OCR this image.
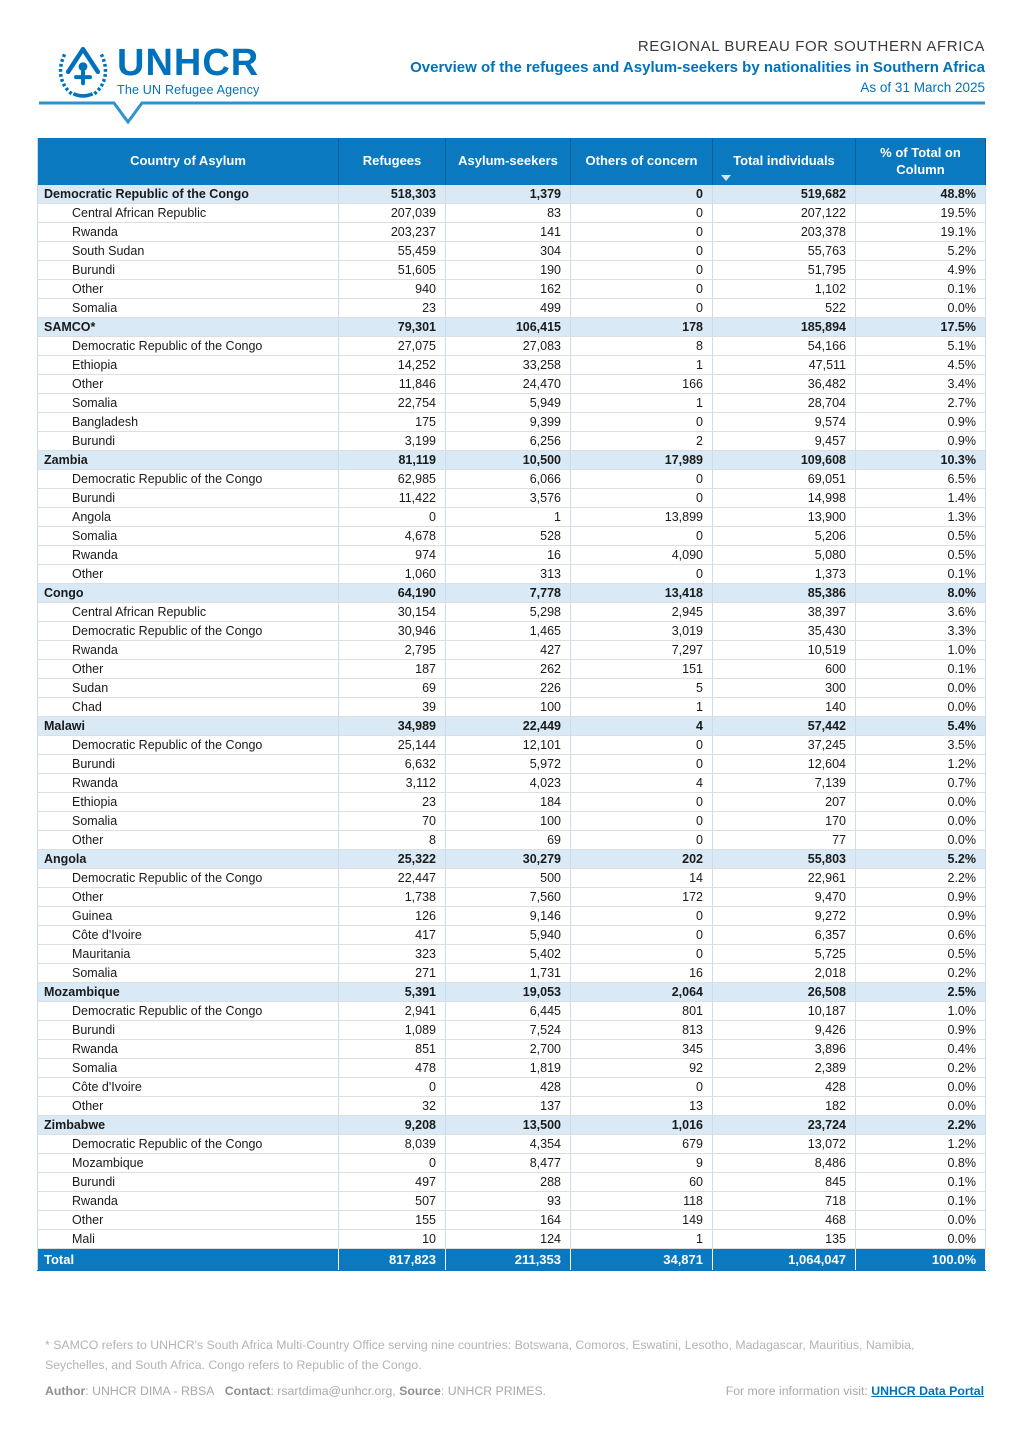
UNHCR
The UN Refugee Agency
REGIONAL BUREAU FOR SOUTHERN AFRICA
Overview of the refugees and Asylum-seekers by nationalities in Southern Africa
As of 31 March 2025
Country of Asylum	Refugees	Asylum-seekers	Others of concern	Total individuals	% of Total on Column
Democratic Republic of the Congo	518,303	1,379	0	519,682	48.8%
Central African Republic	207,039	83	0	207,122	19.5%
Rwanda	203,237	141	0	203,378	19.1%
South Sudan	55,459	304	0	55,763	5.2%
Burundi	51,605	190	0	51,795	4.9%
Other	940	162	0	1,102	0.1%
Somalia	23	499	0	522	0.0%
SAMCO*	79,301	106,415	178	185,894	17.5%
Democratic Republic of the Congo	27,075	27,083	8	54,166	5.1%
Ethiopia	14,252	33,258	1	47,511	4.5%
Other	11,846	24,470	166	36,482	3.4%
Somalia	22,754	5,949	1	28,704	2.7%
Bangladesh	175	9,399	0	9,574	0.9%
Burundi	3,199	6,256	2	9,457	0.9%
Zambia	81,119	10,500	17,989	109,608	10.3%
Democratic Republic of the Congo	62,985	6,066	0	69,051	6.5%
Burundi	11,422	3,576	0	14,998	1.4%
Angola	0	1	13,899	13,900	1.3%
Somalia	4,678	528	0	5,206	0.5%
Rwanda	974	16	4,090	5,080	0.5%
Other	1,060	313	0	1,373	0.1%
Congo	64,190	7,778	13,418	85,386	8.0%
Central African Republic	30,154	5,298	2,945	38,397	3.6%
Democratic Republic of the Congo	30,946	1,465	3,019	35,430	3.3%
Rwanda	2,795	427	7,297	10,519	1.0%
Other	187	262	151	600	0.1%
Sudan	69	226	5	300	0.0%
Chad	39	100	1	140	0.0%
Malawi	34,989	22,449	4	57,442	5.4%
Democratic Republic of the Congo	25,144	12,101	0	37,245	3.5%
Burundi	6,632	5,972	0	12,604	1.2%
Rwanda	3,112	4,023	4	7,139	0.7%
Ethiopia	23	184	0	207	0.0%
Somalia	70	100	0	170	0.0%
Other	8	69	0	77	0.0%
Angola	25,322	30,279	202	55,803	5.2%
Democratic Republic of the Congo	22,447	500	14	22,961	2.2%
Other	1,738	7,560	172	9,470	0.9%
Guinea	126	9,146	0	9,272	0.9%
Côte d'Ivoire	417	5,940	0	6,357	0.6%
Mauritania	323	5,402	0	5,725	0.5%
Somalia	271	1,731	16	2,018	0.2%
Mozambique	5,391	19,053	2,064	26,508	2.5%
Democratic Republic of the Congo	2,941	6,445	801	10,187	1.0%
Burundi	1,089	7,524	813	9,426	0.9%
Rwanda	851	2,700	345	3,896	0.4%
Somalia	478	1,819	92	2,389	0.2%
Côte d'Ivoire	0	428	0	428	0.0%
Other	32	137	13	182	0.0%
Zimbabwe	9,208	13,500	1,016	23,724	2.2%
Democratic Republic of the Congo	8,039	4,354	679	13,072	1.2%
Mozambique	0	8,477	9	8,486	0.8%
Burundi	497	288	60	845	0.1%
Rwanda	507	93	118	718	0.1%
Other	155	164	149	468	0.0%
Mali	10	124	1	135	0.0%
Total	817,823	211,353	34,871	1,064,047	100.0%
* SAMCO refers to UNHCR's South Africa Multi-Country Office serving nine countries: Botswana, Comoros, Eswatini, Lesotho, Madagascar, Mauritius, Namibia, Seychelles, and South Africa. Congo refers to Republic of the Congo.
Author: UNHCR DIMA - RBSA Contact: rsartdima@unhcr.org, Source: UNHCR PRIMES.	For more information visit: UNHCR Data Portal
